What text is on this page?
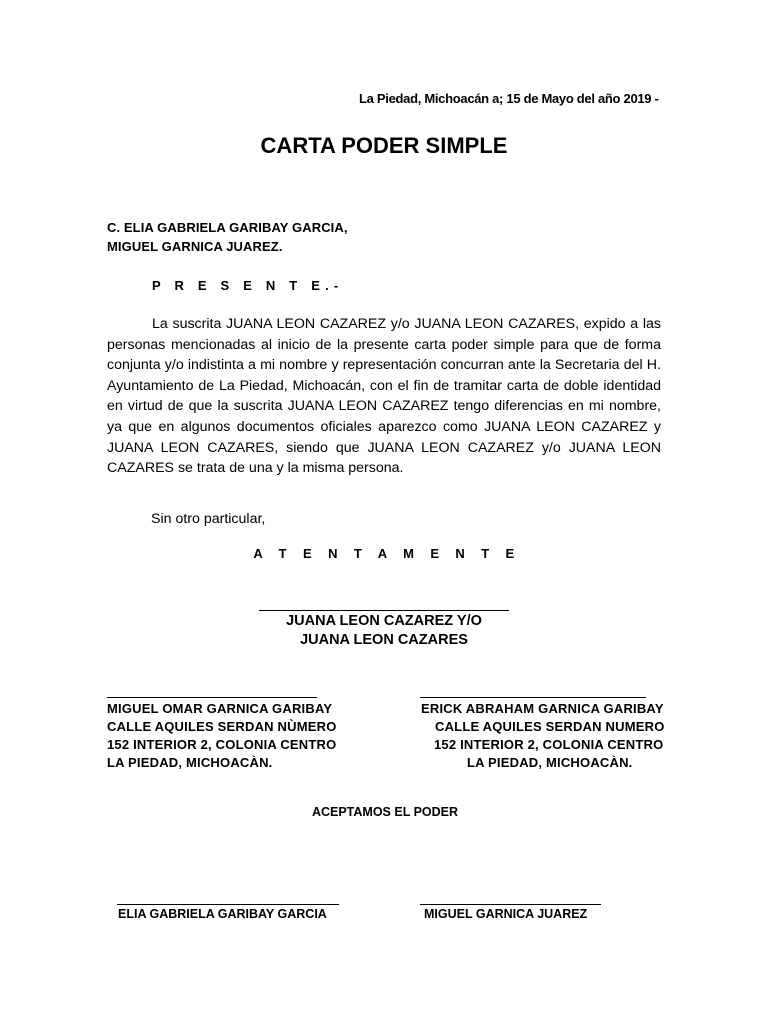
La Piedad, Michoacán a; 15 de Mayo del año 2019 -
CARTA PODER SIMPLE
C. ELIA GABRIELA GARIBAY GARCIA,
MIGUEL GARNICA JUAREZ.
P R E S E N T E.-
La suscrita JUANA LEON CAZAREZ y/o JUANA LEON CAZARES, expido a las personas mencionadas al inicio de la presente carta poder simple para que de forma conjunta y/o indistinta a mi nombre y representación concurran ante la Secretaria del H. Ayuntamiento de La Piedad, Michoacán, con el fin de tramitar carta de doble identidad en virtud de que la suscrita JUANA LEON CAZAREZ tengo diferencias en mi nombre, ya que en algunos documentos oficiales aparezco como JUANA LEON CAZAREZ y JUANA LEON CAZARES, siendo que JUANA LEON CAZAREZ y/o JUANA LEON CAZARES se trata de una y la misma persona.
Sin otro particular,
A T E N T A M E N T E
JUANA LEON CAZAREZ Y/O
JUANA LEON CAZARES
MIGUEL OMAR GARNICA GARIBAY
CALLE AQUILES SERDAN NÙMERO
152 INTERIOR 2, COLONIA CENTRO
LA PIEDAD, MICHOACÀN.
ERICK ABRAHAM GARNICA GARIBAY
CALLE AQUILES SERDAN NUMERO
152 INTERIOR 2, COLONIA CENTRO
LA PIEDAD, MICHOACÀN.
ACEPTAMOS EL PODER
ELIA GABRIELA GARIBAY GARCIA	MIGUEL GARNICA JUAREZ
